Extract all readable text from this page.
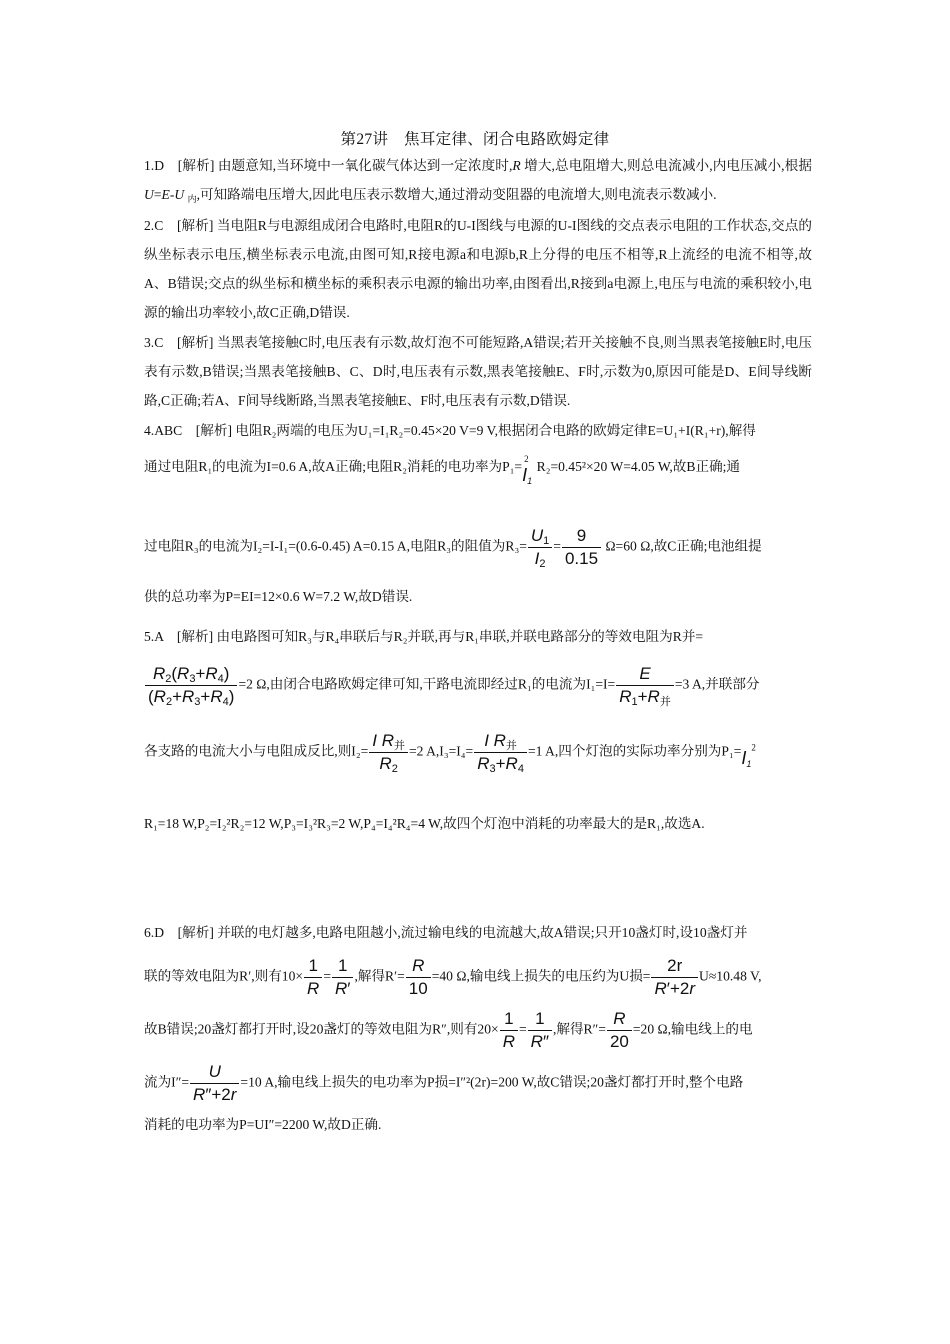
第27讲　焦耳定律、闭合电路欧姆定律

1.D　[解析] 由题意知,当环境中一氧化碳气体达到一定浓度时,R 增大,总电阻增大,则总电流减小,内电压减小,根据 U=E-U $_内$,可知路端电压增大,因此电压表示数增大,通过滑动变阻器的电流增大,则电流表示数减小.

2.C　[解析] 当电阻R与电源组成闭合电路时,电阻R的U-I图线与电源的U-I图线的交点表示电阻的工作状态,交点的纵坐标表示电压,横坐标表示电流,由图可知,R接电源a和电源b,R上分得的电压不相等,R上流经的电流不相等,故A、B错误;交点的纵坐标和横坐标的乘积表示电源的输出功率,由图看出,R接到a电源上,电压与电流的乘积较小,电源的输出功率较小,故C正确,D错误.

3.C　[解析] 当黑表笔接触C时,电压表有示数,故灯泡不可能短路,A错误;若开关接触不良,则当黑表笔接触E时,电压表有示数,B错误;当黑表笔接触B、C、D时,电压表有示数,黑表笔接触E、F时,示数为0,原因可能是D、E间导线断路,C正确;若A、F间导线断路,当黑表笔接触E、F时,电压表有示数,D错误.

4.ABC　[解析] 电阻R₂两端的电压为U₁=I₁R₂=0.45×20 V=9 V,根据闭合电路的欧姆定律E=U₁+I(R₁+r),解得
通过电阻R₁的电流为I=0.6 A,故A正确;电阻R₂消耗的电功率为$P_1=I_1^2$ R₂=0.45²×20 W=4.05 W,故B正确;通
过电阻R₃的电流为I₂=I-I₁=(0.6-0.45) A=0.15 A,电阻R₃的阻值为$R_3= \frac{U_1}{I_2} = \frac{9}{0.15} \Omega=60$ Ω,故C正确;电池组提
供的总功率为P=EI=12×0.6 W=7.2 W,故D错误.
5.A　[解析] 由电路图可知R₃与R₄串联后与R₂并联,再与R₁串联,并联电路部分的等效电阻为R并=
$\frac{R_2(R_3+R_4)}{(R_2+R_3+R_4)} =2$ Ω,由闭合电路欧姆定律可知,干路电流即经过R₁的电流为$I_1=I= \frac{E}{R_1+R_并} =3$ A,并联部分
各支路的电流大小与电阻成反比,则$I_2= \frac{I R_并}{R_2} =2$ $A,I_3=I_4= \frac{I R_并}{R_3+R_4} =1$ A,四个灯泡的实际功率分别为$P_1=I_1^2$
R₁=18 W,P₂=I₂²R₂=12 W,P₃=I₃²R₃=2 W,P₄=I₄²R₄=4 W,故四个灯泡中消耗的功率最大的是R₁,故选A.
6.D　[解析] 并联的电灯越多,电路电阻越小,流过输电线的电流越大,故A错误;只开10盏灯时,设10盏灯并
联的等效电阻为R′,则有$10\times \frac{1}{R} = \frac{1}{R'}$ ,解得$R'= \frac{R}{10} =40$ Ω,输电线上损失的电压约为U损= $\frac{2r}{R'+2r} U\approx 10.48$ V,
故B错误;20盏灯都打开时,设20盏灯的等效电阻为R″,则有$20\times \frac{1}{R} = \frac{1}{R''}$ ,解得$R''= \frac{R}{20} =20$ Ω,输电线上的电
流为$I''= \frac{U}{R''+2r} =10$ A,输电线上损失的电功率为P损=I″²(2r)=200 W,故C错误;20盏灯都打开时,整个电路
消耗的电功率为P=UI″=2200 W,故D正确.
